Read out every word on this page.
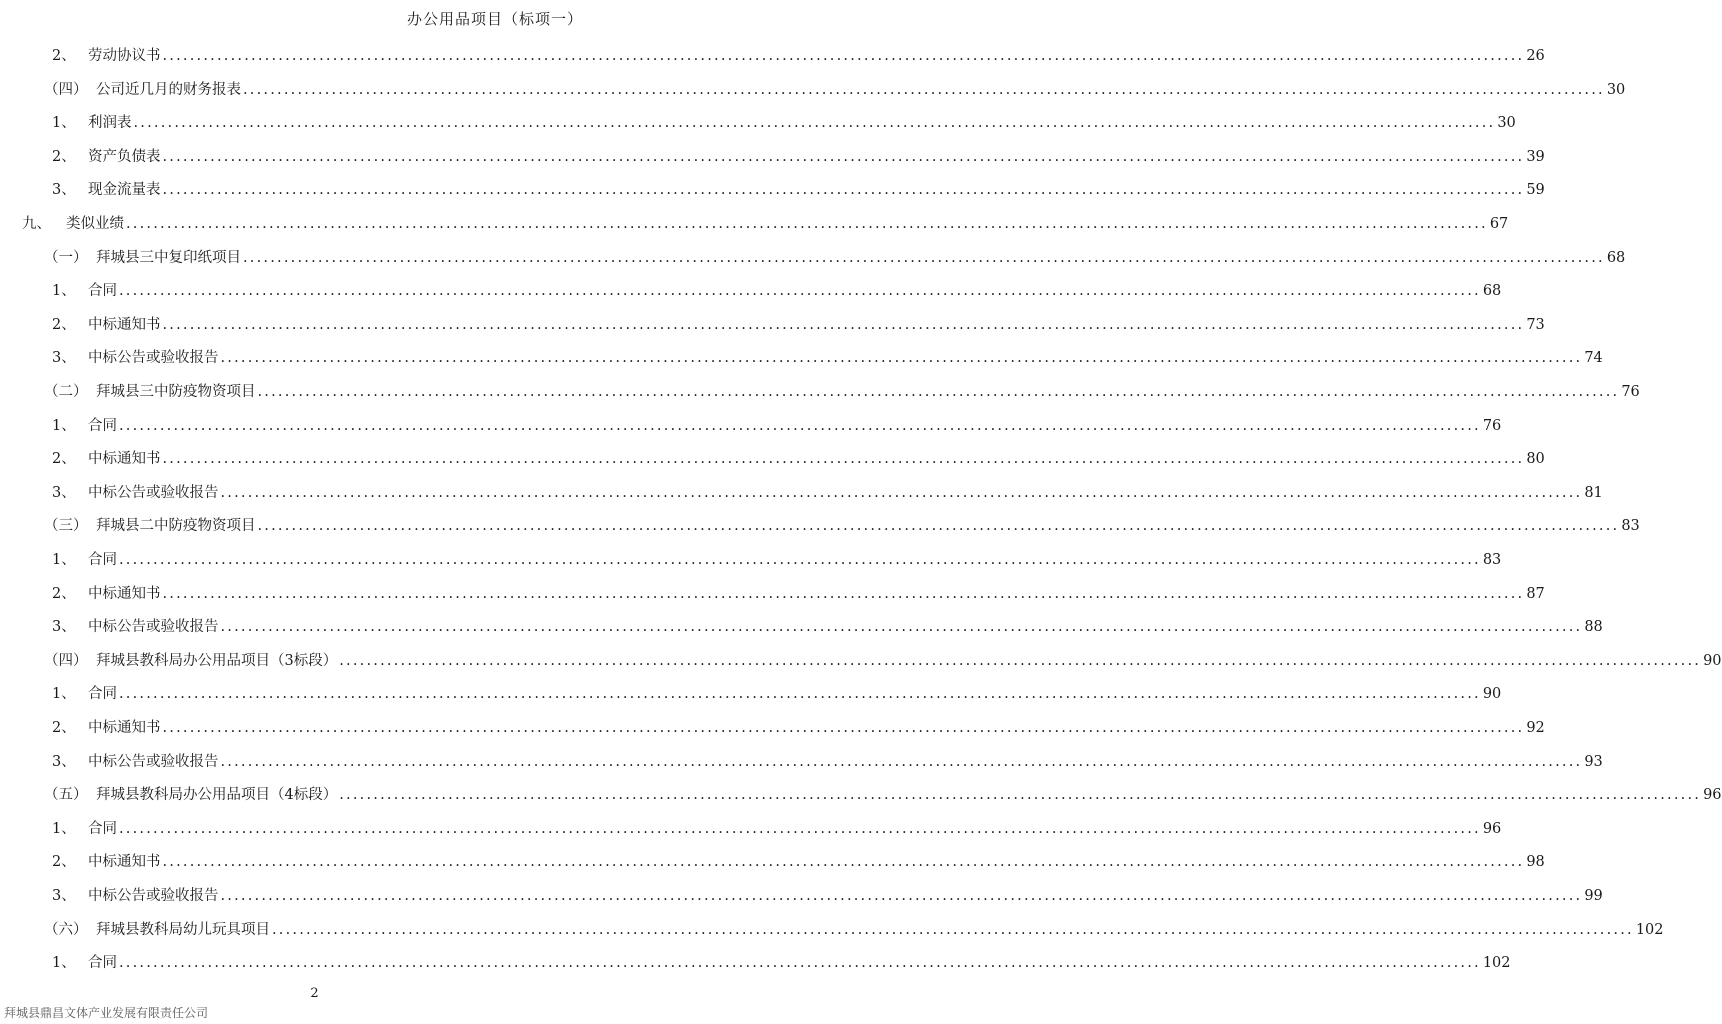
办公用品项目（标项一）
2、 劳动协议书 ........................................................................................................................................................................................................ 26
（四） 公司近几月的财务报表 ........................................................................................................................................................................................................ 30
1、 利润表 ........................................................................................................................................................................................................ 30
2、 资产负债表 ........................................................................................................................................................................................................ 39
3、 现金流量表 ........................................................................................................................................................................................................ 59
九、	类似业绩 ........................................................................................................................................................................................................ 67
（一） 拜城县三中复印纸项目 ........................................................................................................................................................................................................ 68
1、 合同 ........................................................................................................................................................................................................ 68
2、 中标通知书 ........................................................................................................................................................................................................ 73
3、 中标公告或验收报告 ........................................................................................................................................................................................................ 74
（二） 拜城县三中防疫物资项目 ........................................................................................................................................................................................................ 76
1、 合同 ........................................................................................................................................................................................................ 76
2、 中标通知书 ........................................................................................................................................................................................................ 80
3、 中标公告或验收报告 ........................................................................................................................................................................................................ 81
（三） 拜城县二中防疫物资项目 ........................................................................................................................................................................................................ 83
1、 合同 ........................................................................................................................................................................................................ 83
2、 中标通知书 ........................................................................................................................................................................................................ 87
3、 中标公告或验收报告 ........................................................................................................................................................................................................ 88
（四） 拜城县教科局办公用品项目（3标段） ........................................................................................................................................................................................................ 90
1、 合同 ........................................................................................................................................................................................................ 90
2、 中标通知书 ........................................................................................................................................................................................................ 92
3、 中标公告或验收报告 ........................................................................................................................................................................................................ 93
（五） 拜城县教科局办公用品项目（4标段） ........................................................................................................................................................................................................ 96
1、 合同 ........................................................................................................................................................................................................ 96
2、 中标通知书 ........................................................................................................................................................................................................ 98
3、 中标公告或验收报告 ........................................................................................................................................................................................................ 99
（六） 拜城县教科局幼儿玩具项目 ........................................................................................................................................................................................................ 102
1、 合同 ........................................................................................................................................................................................................ 102
2
拜城县鼎昌文体产业发展有限责任公司
